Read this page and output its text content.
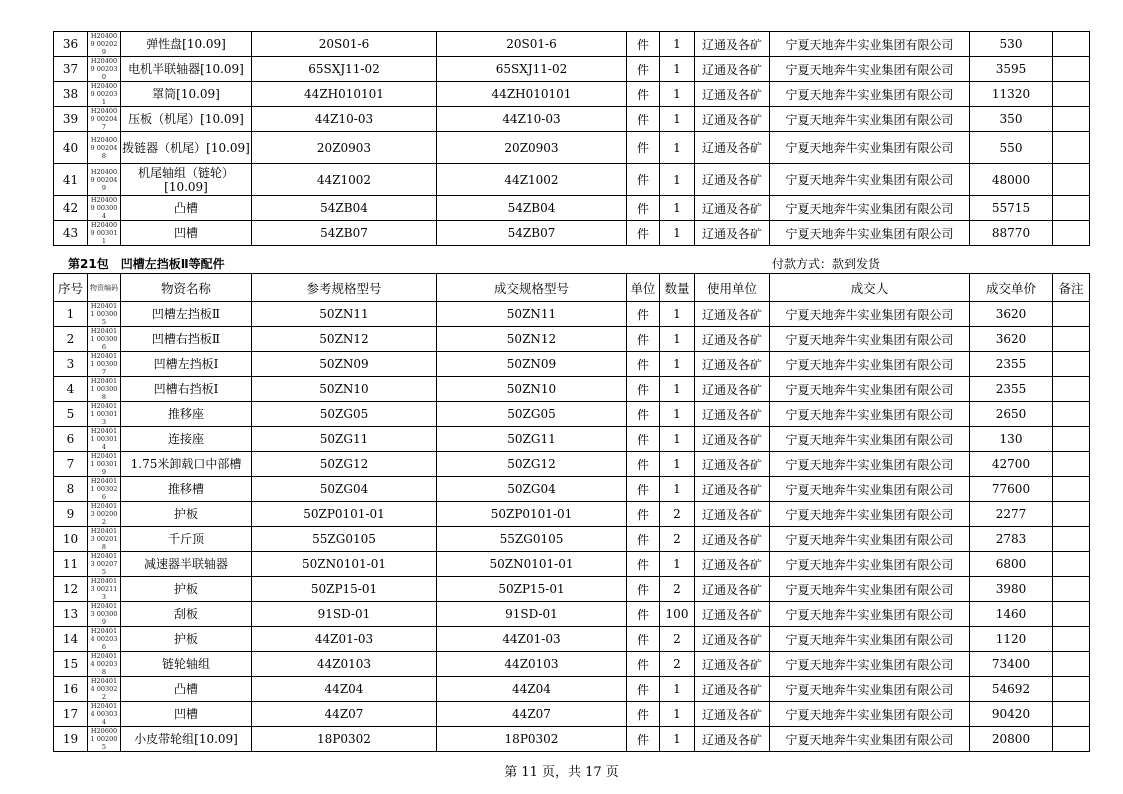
36	H204009 002029	弹性盘[10.09]	20S01-6	20S01-6	件	1	辽通及各矿	宁夏天地奔牛实业集团有限公司	530	
37	H204009 002030	电机半联轴器[10.09]	65SXJ11-02	65SXJ11-02	件	1	辽通及各矿	宁夏天地奔牛实业集团有限公司	3595	
38	H204009 002031	罩筒[10.09]	44ZH010101	44ZH010101	件	1	辽通及各矿	宁夏天地奔牛实业集团有限公司	11320	
39	H204009 002047	压板（机尾）[10.09]	44Z10-03	44Z10-03	件	1	辽通及各矿	宁夏天地奔牛实业集团有限公司	350	
40	H204009 002048	拨链器（机尾）[10.09]	20Z0903	20Z0903	件	1	辽通及各矿	宁夏天地奔牛实业集团有限公司	550	
41	H204009 002049	机尾轴组（链轮）[10.09]	44Z1002	44Z1002	件	1	辽通及各矿	宁夏天地奔牛实业集团有限公司	48000	
42	H204009 003004	凸槽	54ZB04	54ZB04	件	1	辽通及各矿	宁夏天地奔牛实业集团有限公司	55715	
43	H204009 003011	凹槽	54ZB07	54ZB07	件	1	辽通及各矿	宁夏天地奔牛实业集团有限公司	88770	
第21包　凹槽左挡板Ⅱ等配件	付款方式：款到发货
序号	物资编码	物资名称	参考规格型号	成交规格型号	单位	数量	使用单位	成交人	成交单价	备注
1	H204011 003005	凹槽左挡板Ⅱ	50ZN11	50ZN11	件	1	辽通及各矿	宁夏天地奔牛实业集团有限公司	3620	
2	H204011 003006	凹槽右挡板Ⅱ	50ZN12	50ZN12	件	1	辽通及各矿	宁夏天地奔牛实业集团有限公司	3620	
3	H204011 003007	凹槽左挡板Ⅰ	50ZN09	50ZN09	件	1	辽通及各矿	宁夏天地奔牛实业集团有限公司	2355	
4	H204011 003008	凹槽右挡板Ⅰ	50ZN10	50ZN10	件	1	辽通及各矿	宁夏天地奔牛实业集团有限公司	2355	
5	H204011 003013	推移座	50ZG05	50ZG05	件	1	辽通及各矿	宁夏天地奔牛实业集团有限公司	2650	
6	H204011 003014	连接座	50ZG11	50ZG11	件	1	辽通及各矿	宁夏天地奔牛实业集团有限公司	130	
7	H204011 003019	1.75米卸载口中部槽	50ZG12	50ZG12	件	1	辽通及各矿	宁夏天地奔牛实业集团有限公司	42700	
8	H204011 003026	推移槽	50ZG04	50ZG04	件	1	辽通及各矿	宁夏天地奔牛实业集团有限公司	77600	
9	H204013 002002	护板	50ZP0101-01	50ZP0101-01	件	2	辽通及各矿	宁夏天地奔牛实业集团有限公司	2277	
10	H204013 002018	千斤顶	55ZG0105	55ZG0105	件	2	辽通及各矿	宁夏天地奔牛实业集团有限公司	2783	
11	H204013 002075	减速器半联轴器	50ZN0101-01	50ZN0101-01	件	1	辽通及各矿	宁夏天地奔牛实业集团有限公司	6800	
12	H204013 002113	护板	50ZP15-01	50ZP15-01	件	2	辽通及各矿	宁夏天地奔牛实业集团有限公司	3980	
13	H204013 003009	刮板	91SD-01	91SD-01	件	100	辽通及各矿	宁夏天地奔牛实业集团有限公司	1460	
14	H204014 002036	护板	44Z01-03	44Z01-03	件	2	辽通及各矿	宁夏天地奔牛实业集团有限公司	1120	
15	H204014 002038	链轮轴组	44Z0103	44Z0103	件	2	辽通及各矿	宁夏天地奔牛实业集团有限公司	73400	
16	H204014 003022	凸槽	44Z04	44Z04	件	1	辽通及各矿	宁夏天地奔牛实业集团有限公司	54692	
17	H204014 003034	凹槽	44Z07	44Z07	件	1	辽通及各矿	宁夏天地奔牛实业集团有限公司	90420	
19	H206001 002005	小皮带轮组[10.09]	18P0302	18P0302	件	1	辽通及各矿	宁夏天地奔牛实业集团有限公司	20800	
第 11 页，共 17 页
